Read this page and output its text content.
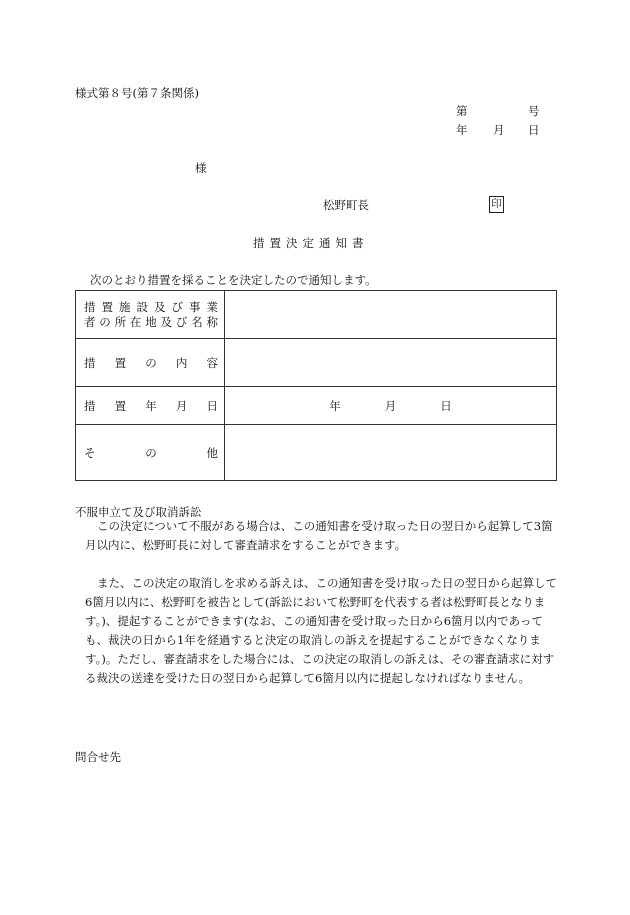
様式第８号(第７条関係)
第	号
年 月 日
様
松野町長	印
措置決定通知書
次のとおり措置を採ることを決定したので通知します。
措置施設及び事業
者の所在地及び名称	

措 置 の 内 容	

措 置 年 月 日	年 月 日

そ の 他	

不服申立て及び取消訴訟

この決定について不服がある場合は、この通知書を受け取った日の翌日から起算して3箇月以内に、松野町長に対して審査請求をすることができます。

また、この決定の取消しを求める訴えは、この通知書を受け取った日の翌日から起算して6箇月以内に、松野町を被告として(訴訟において松野町を代表する者は松野町長となります。)、提起することができます(なお、この通知書を受け取った日から6箇月以内であっても、裁決の日から1年を経過すると決定の取消しの訴えを提起することができなくなります。)。ただし、審査請求をした場合には、この決定の取消しの訴えは、その審査請求に対する裁決の送達を受けた日の翌日から起算して6箇月以内に提起しなければなりません。

問合せ先
